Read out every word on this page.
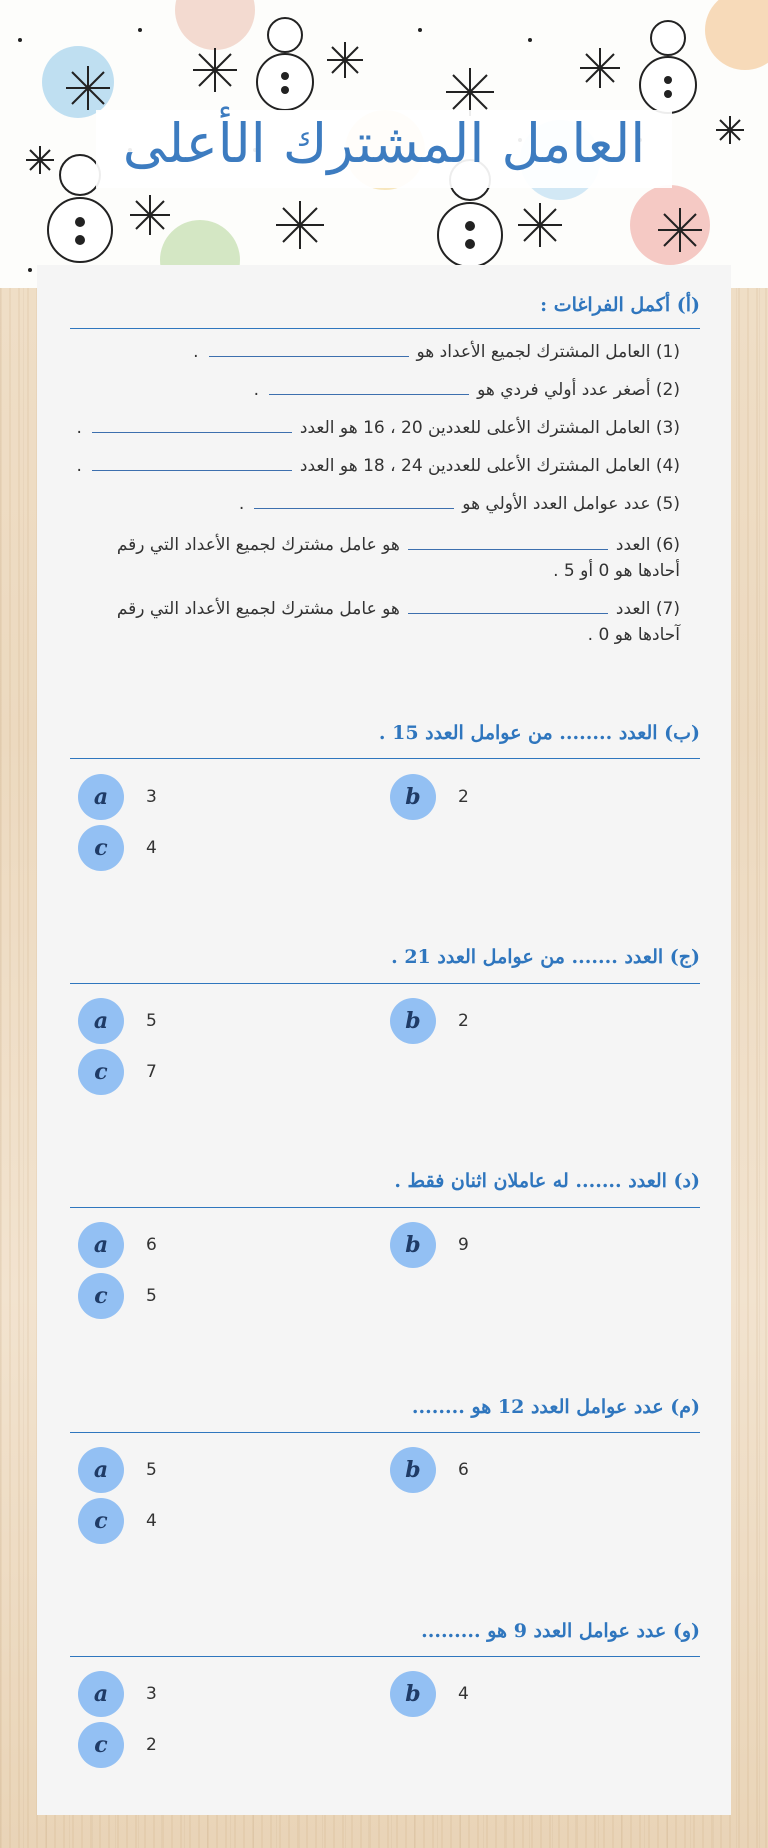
العامل المشترك الأعلى
(أ) أكمل الفراغات :
(1) العامل المشترك لجميع الأعداد هو.
(2) أصغر عدد أولي فردي هو.
(3) العامل المشترك الأعلى للعددين 20 ، 16 هو العدد.
(4) العامل المشترك الأعلى للعددين 24 ، 18 هو العدد.
(5) عدد عوامل العدد الأولي هو.
(6) العددهو عامل مشترك لجميع الأعداد التي رقم
أحادها هو 0 أو 5 .
(7) العددهو عامل مشترك لجميع الأعداد التي رقم
آحادها هو 0 .
(ب) العدد ........ من عوامل العدد 15 .
a	3	b	2
c	4
(ج) العدد ....... من عوامل العدد 21 .
a	5	b	2
c	7
(د) العدد ....... له عاملان اثنان فقط .
a	6	b	9
c	5
(م) عدد عوامل العدد 12 هو ........
a	5	b	6
c	4
(و) عدد عوامل العدد 9 هو .........
a	3	b	4
c	2
